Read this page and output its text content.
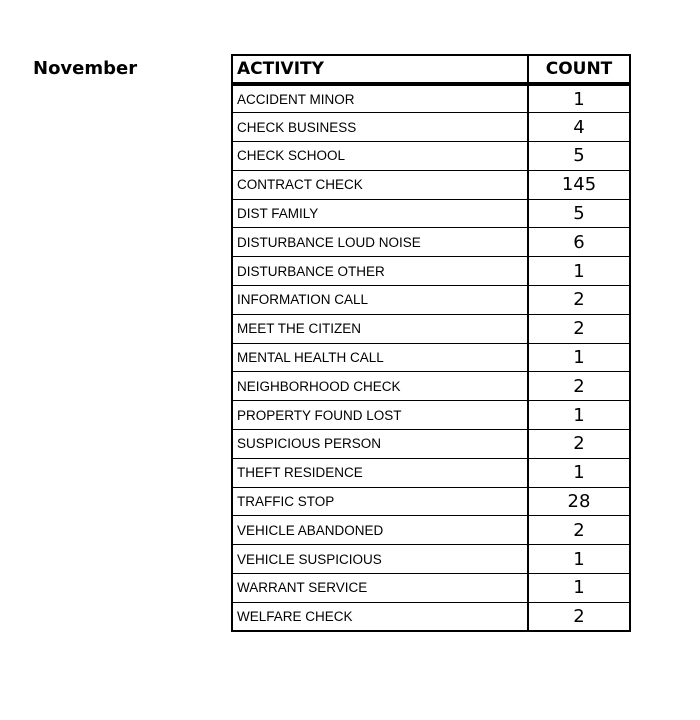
November	ACTIVITY	COUNT
ACCIDENT MINOR	1
CHECK BUSINESS	4
CHECK SCHOOL	5
CONTRACT CHECK	145
DIST FAMILY	5
DISTURBANCE LOUD NOISE	6
DISTURBANCE OTHER	1
INFORMATION CALL	2
MEET THE CITIZEN	2
MENTAL HEALTH CALL	1
NEIGHBORHOOD CHECK	2
PROPERTY FOUND LOST	1
SUSPICIOUS PERSON	2
THEFT RESIDENCE	1
TRAFFIC STOP	28
VEHICLE ABANDONED	2
VEHICLE SUSPICIOUS	1
WARRANT SERVICE	1
WELFARE CHECK	2
